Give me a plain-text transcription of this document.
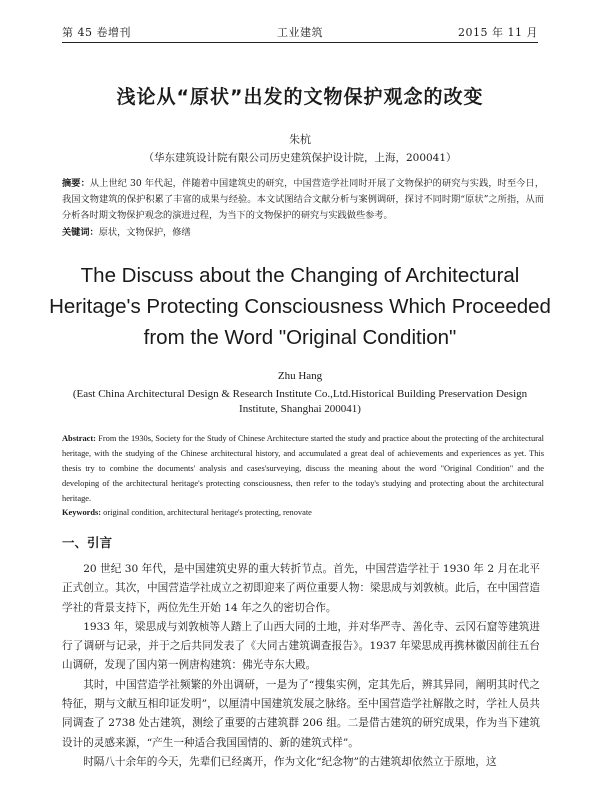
第 45 卷增刊	工业建筑	2015 年 11 月
浅论从“原状”出发的文物保护观念的改变
朱杭
（华东建筑设计院有限公司历史建筑保护设计院，上海，200041）
摘要：从上世纪 30 年代起，伴随着中国建筑史的研究，中国营造学社同时开展了文物保护的研究与实践，时至今日，我国文物建筑的保护积累了丰富的成果与经验。本文试图结合文献分析与案例调研，探讨不同时期“原状”之所指，从而分析各时期文物保护观念的演进过程，为当下的文物保护的研究与实践做些参考。
关键词：原状，文物保护，修缮
The Discuss about the Changing of Architectural Heritage's Protecting Consciousness Which Proceeded from the Word "Original Condition"
Zhu Hang
(East China Architectural Design & Research Institute Co.,Ltd.Historical Building Preservation Design Institute, Shanghai 200041)
Abstract: From the 1930s, Society for the Study of Chinese Architecture started the study and practice about the protecting of the architectural heritage, with the studying of the Chinese architectural history, and accumulated a great deal of achievements and experiences as yet. This thesis try to combine the documents' analysis and cases'surveying, discuss the meaning about the word "Original Condition" and the developing of the architectural heritage's protecting consciousness, then refer to the today's studying and protecting about the architectural heritage.
Keywords: original condition, architectural heritage's protecting, renovate
一、引言

20 世纪 30 年代，是中国建筑史界的重大转折节点。首先，中国营造学社于 1930 年 2 月在北平正式创立。其次，中国营造学社成立之初即迎来了两位重要人物：梁思成与刘敦桢。此后，在中国营造学社的背景支持下，两位先生开始 14 年之久的密切合作。

1933 年，梁思成与刘敦桢等人踏上了山西大同的土地，并对华严寺、善化寺、云冈石窟等建筑进行了调研与记录，并于之后共同发表了《大同古建筑调查报告》。1937 年梁思成再携林徽因前往五台山调研，发现了国内第一例唐构建筑：佛光寺东大殿。

其时，中国营造学社频繁的外出调研，一是为了“搜集实例，定其先后，辨其异同，阐明其时代之特征，期与文献互相印证发明”，以厘清中国建筑发展之脉络。至中国营造学社解散之时，学社人员共同调查了 2738 处古建筑，测绘了重要的古建筑群 206 组。二是借古建筑的研究成果，作为当下建筑设计的灵感来源，“产生一种适合我国国情的、新的建筑式样”。

时隔八十余年的今天，先辈们已经离开，作为文化“纪念物”的古建筑却依然立于原地，这
